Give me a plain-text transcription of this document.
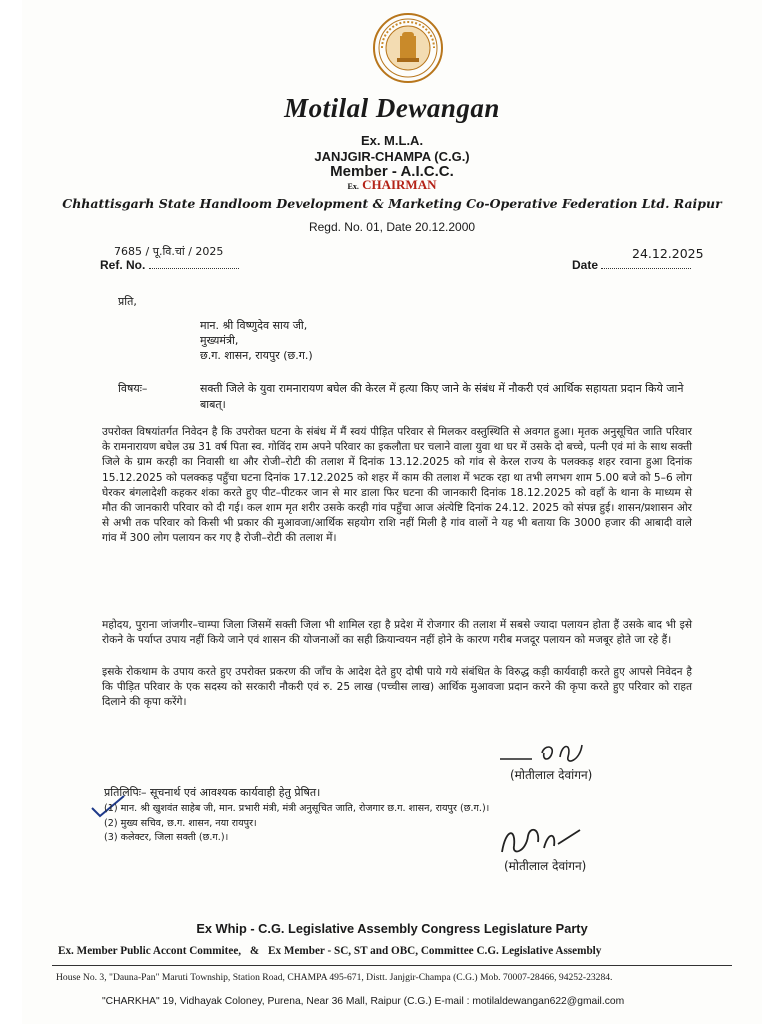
Motilal Dewangan
Ex. M.L.A.
JANJGIR-CHAMPA (C.G.)
Member - A.I.C.C.
Ex. CHAIRMAN
Chhattisgarh State Handloom Development & Marketing Co-Operative Federation Ltd. Raipur
Regd. No. 01, Date 20.12.2000
7685 / पू.वि.चां / 2025
Ref. No.
24.12.2025
Date
प्रति,
मान. श्री विष्णुदेव साय जी,
मुख्यमंत्री,
छ.ग. शासन, रायपुर (छ.ग.)
विषयः–	सक्ती जिले के युवा रामनारायण बघेल की केरल में हत्या किए जाने के संबंध में नौकरी एवं आर्थिक सहायता प्रदान किये जाने बाबत्।
उपरोक्त विषयांतर्गत निवेदन है कि उपरोक्त घटना के संबंध में मैं स्वयं पीड़ित परिवार से मिलकर वस्तुस्थिति से अवगत हुआ। मृतक अनुसूचित जाति परिवार के रामनारायण बघेल उम्र 31 वर्ष पिता स्व. गोविंद राम अपने परिवार का इकलौता घर चलाने वाला युवा था घर में उसके दो बच्चे, पत्नी एवं मां के साथ सक्ती जिले के ग्राम करही का निवासी था और रोजी–रोटी की तलाश में दिनांक 13.12.2025 को गांव से केरल राज्य के पलक्कड़ शहर रवाना हुआ दिनांक 15.12.2025 को पलक्कड़ पहुँचा घटना दिनांक 17.12.2025 को शहर में काम की तलाश में भटक रहा था तभी लगभग शाम 5.00 बजे को 5–6 लोग घेरकर बंगलादेशी कहकर शंका करते हुए पीट–पीटकर जान से मार डाला फिर घटना की जानकारी दिनांक 18.12.2025 को वहाँ के थाना के माध्यम से मौत की जानकारी परिवार को दी गई। कल शाम मृत शरीर उसके करही गांव पहुँचा आज अंत्येष्टि दिनांक 24.12. 2025 को संपन्न हुई। शासन/प्रशासन ओर से अभी तक परिवार को किसी भी प्रकार की मुआवजा/आर्थिक सहयोग राशि नहीं मिली है गांव वालों ने यह भी बताया कि 3000 हजार की आबादी वाले गांव में 300 लोग पलायन कर गए है रोजी–रोटी की तलाश में।
महोदय, पुराना जांजगीर–चाम्पा जिला जिसमें सक्ती जिला भी शामिल रहा है प्रदेश में रोजगार की तलाश में सबसे ज्यादा पलायन होता हैं उसके बाद भी इसे रोकने के पर्याप्त उपाय नहीं किये जाने एवं शासन की योजनाओं का सही क्रियान्वयन नहीं होने के कारण गरीब मजदूर पलायन को मजबूर होते जा रहे हैं।
इसके रोकथाम के उपाय करते हुए उपरोक्त प्रकरण की जाँच के आदेश देते हुए दोषी पाये गये संबंधित के विरुद्ध कड़ी कार्यवाही करते हुए आपसे निवेदन है कि पीड़ित परिवार के एक सदस्य को सरकारी नौकरी एवं रु. 25 लाख (पच्चीस लाख) आर्थिक मुआवजा प्रदान करने की कृपा करते हुए परिवार को राहत दिलाने की कृपा करेंगे।
(मोतीलाल देवांगन)
प्रतिलिपिः– सूचनार्थ एवं आवश्यक कार्यवाही हेतु प्रेषित।
(1) मान. श्री खुशवंत साहेब जी, मान. प्रभारी मंत्री, मंत्री अनुसूचित जाति, रोजगार छ.ग. शासन, रायपुर (छ.ग.)।
(2) मुख्य सचिव, छ.ग. शासन, नया रायपुर।
(3) कलेक्टर, जिला सक्ती (छ.ग.)।
(मोतीलाल देवांगन)
Ex Whip - C.G. Legislative Assembly Congress Legislature Party
Ex. Member Public Accont Commitee, & Ex Member - SC, ST and OBC, Committee C.G. Legislative Assembly
House No. 3, "Dauna-Pan" Maruti Township, Station Road, CHAMPA 495-671, Distt. Janjgir-Champa (C.G.) Mob. 70007-28466, 94252-23284.
"CHARKHA" 19, Vidhayak Coloney, Purena, Near 36 Mall, Raipur (C.G.) E-mail : motilaldewangan622@gmail.com
